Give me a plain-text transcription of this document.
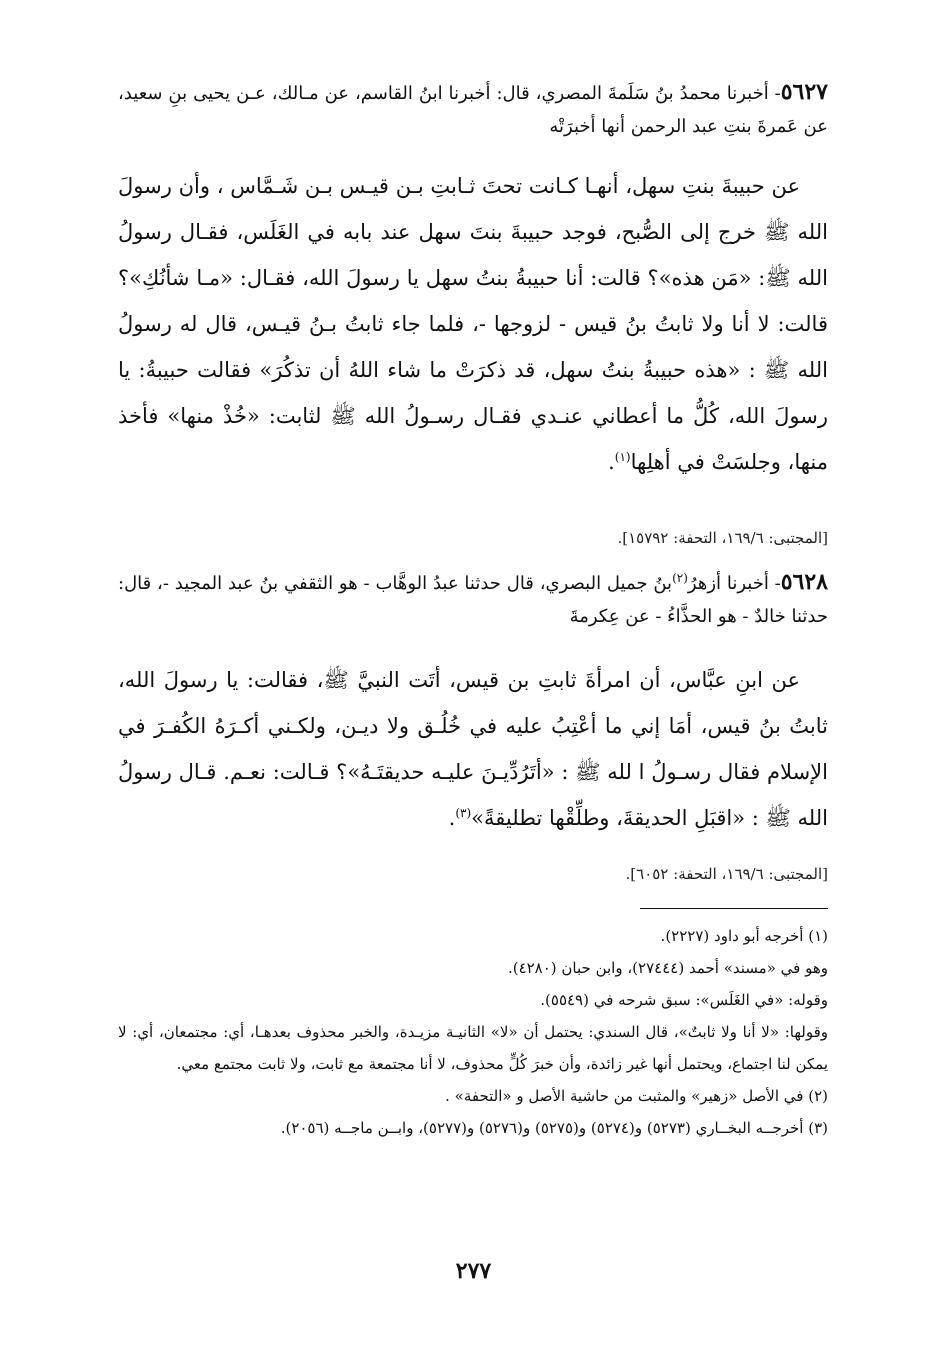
٥٦٢٧- أخبرنا محمدُ بنُ سَلَمةَ المصري، قال: أخبرنا ابنُ القاسم، عن مـالك، عـن يحيى بنِ سعيد، عن عَمرةَ بنتِ عبد الرحمن أنها أخبرَتْه
عن حبيبةَ بنتِ سهل، أنهـا كـانت تحتَ ثـابتِ بـن قيـس بـن شَـمَّاس ، وأن رسولَ الله ﷺ خرج إلى الصُّبح، فوجد حبيبةَ بنتَ سهل عند بابه في الغَلَس، فقـال رسولُ الله ﷺ: «مَن هذه»؟ قالت: أنا حبيبةُ بنتُ سهل يا رسولَ الله، فقـال: «مـا شأنُكِ»؟ قالت: لا أنا ولا ثابتُ بنُ قيس - لزوجها -، فلما جاء ثابتُ بـنُ قيـس، قال له رسولُ الله ﷺ : «هذه حبيبةُ بنتُ سهل، قد ذكرَتْ ما شاء اللهُ أن تذكُرَ» فقالت حبيبةُ: يا رسولَ الله، كُلُّ ما أعطاني عنـدي فقـال رسـولُ الله ﷺ لثابت: «خُذْ منها» فأخذ منها، وجلسَتْ في أهلِها$^{(١)}$.
[المجتبى: ١٦٩/٦، التحفة: ١٥٧٩٢].
٥٦٢٨- أخبرنا أزهرُ$^{(٢)}$بنُ جميل البصري، قال حدثنا عبدُ الوهَّاب - هو الثقفي بنُ عبد المجيد -، قال: حدثنا خالدٌ - هو الحذَّاءُ - عن عِكرمةَ
عن ابنِ عبَّاس، أن امرأةَ ثابتِ بن قيس، أتَت النبيَّ ﷺ، فقالت: يا رسولَ الله، ثابتُ بنُ قيس، أمَا إني ما أعْتِبُ عليه في خُلُـق ولا ديـن، ولكـني أكـرَهُ الكُفـرَ في الإسلام فقال رسـولُ ا لله ﷺ : «أتَرُدِّيـنَ عليـه حديقتَـهُ»؟ قـالت: نعـم. قـال رسولُ الله ﷺ : «اقبَلِ الحديقةَ، وطلِّقْها تطليقةً»$^{(٣)}$.
[المجتبى: ١٦٩/٦، التحفة: ٦٠٥٢].

(١) أخرجه أبو داود (٢٢٢٧).

وهو في «مسند» أحمد (٢٧٤٤٤)، وابن حبان (٤٢٨٠).

وقوله: «في الغَلَس»: سبق شرحه في (٥٥٤٩).

وقولها: «لا أنا ولا ثابتٌ»، قال السندي: يحتمل أن «لا» الثانيـة مزيـدة، والخبر محذوف بعدهـا، أي: مجتمعان، أي: لا يمكن لنا اجتماع، ويحتمل أنها غير زائدة، وأن خبرَ كُلٍّ محذوف، لا أنا مجتمعة مع ثابت، ولا ثابت مجتمع معي.

(٢) في الأصل «زهير» والمثبت من حاشية الأصل و «التحفة» .

(٣) أخرجــه البخــاري (٥٢٧٣) و(٥٢٧٤) و(٥٢٧٥) و(٥٢٧٦) و(٥٢٧٧)، وابــن ماجــه (٢٠٥٦).

٢٧٧
